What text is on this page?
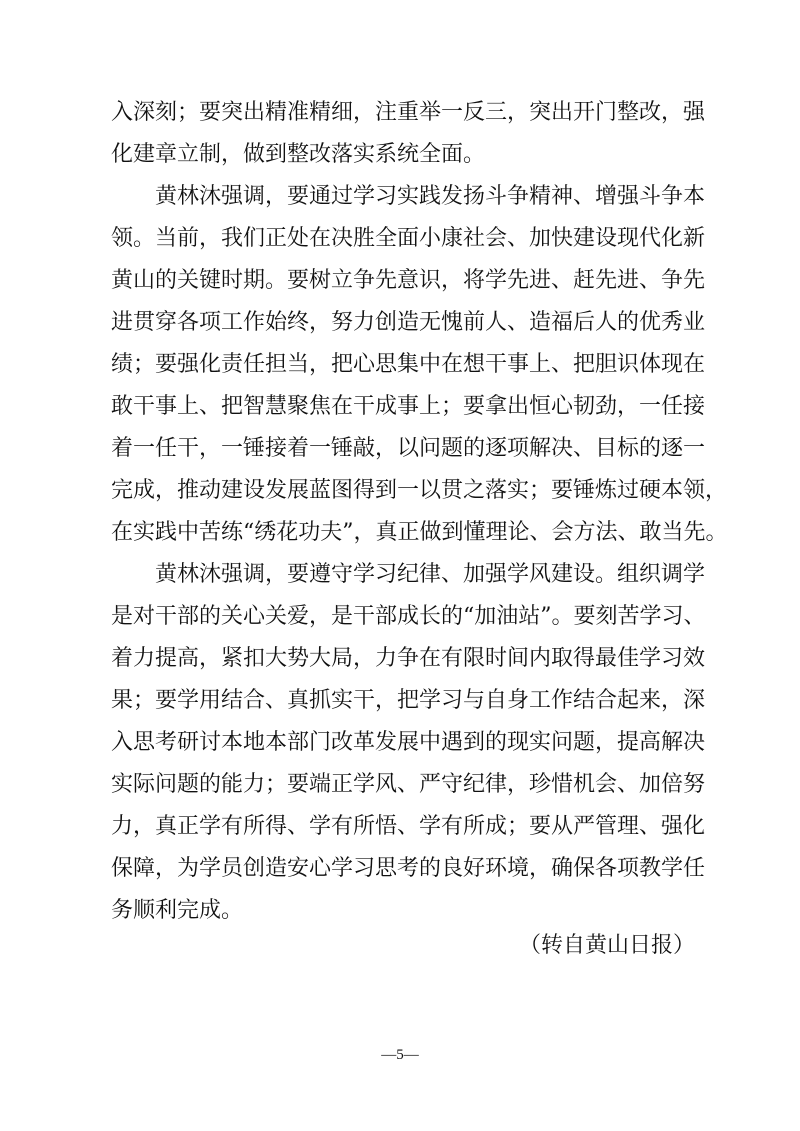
入深刻；要突出精准精细，注重举一反三，突出开门整改，强
化建章立制，做到整改落实系统全面。
黄林沐强调，要通过学习实践发扬斗争精神、增强斗争本
领。当前，我们正处在决胜全面小康社会、加快建设现代化新
黄山的关键时期。要树立争先意识，将学先进、赶先进、争先
进贯穿各项工作始终，努力创造无愧前人、造福后人的优秀业
绩；要强化责任担当，把心思集中在想干事上、把胆识体现在
敢干事上、把智慧聚焦在干成事上；要拿出恒心韧劲，一任接
着一任干，一锤接着一锤敲，以问题的逐项解决、目标的逐一
完成，推动建设发展蓝图得到一以贯之落实；要锤炼过硬本领，
在实践中苦练“绣花功夫”，真正做到懂理论、会方法、敢当先。
黄林沐强调，要遵守学习纪律、加强学风建设。组织调学
是对干部的关心关爱，是干部成长的“加油站”。要刻苦学习、
着力提高，紧扣大势大局，力争在有限时间内取得最佳学习效
果；要学用结合、真抓实干，把学习与自身工作结合起来，深
入思考研讨本地本部门改革发展中遇到的现实问题，提高解决
实际问题的能力；要端正学风、严守纪律，珍惜机会、加倍努
力，真正学有所得、学有所悟、学有所成；要从严管理、强化
保障，为学员创造安心学习思考的良好环境，确保各项教学任
务顺利完成。
（转自黄山日报）
—5—
